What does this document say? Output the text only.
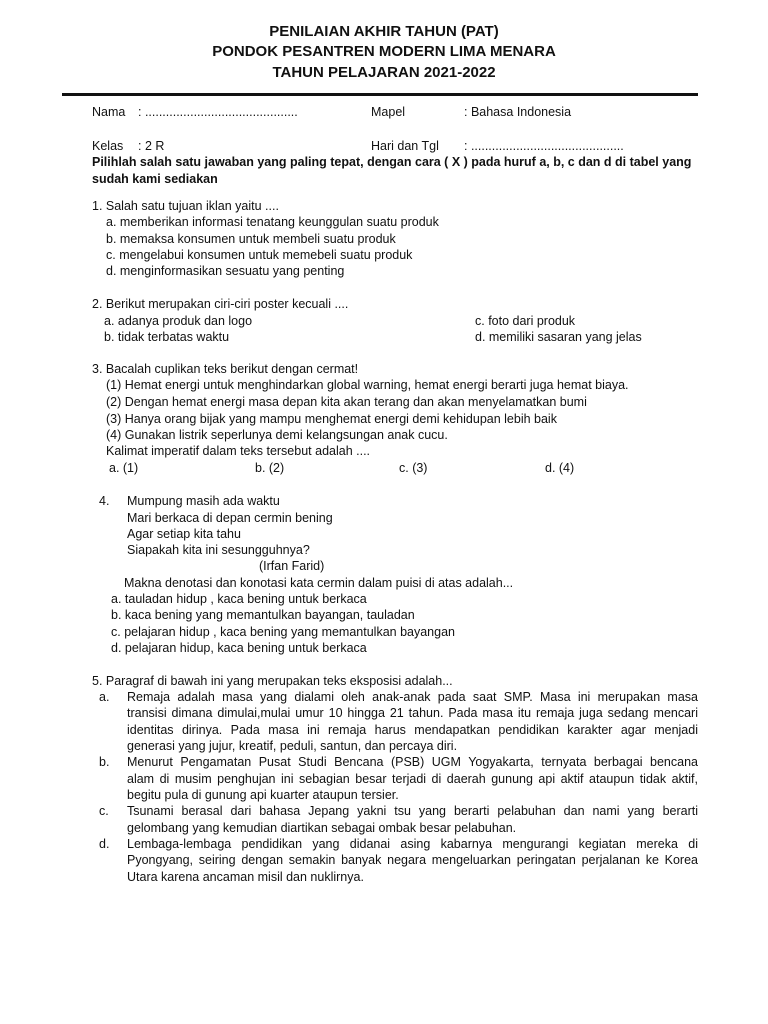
PENILAIAN AKHIR TAHUN (PAT)
PONDOK PESANTREN MODERN LIMA MENARA
TAHUN PELAJARAN 2021-2022
Nama : ............................................	Mapel	: Bahasa Indonesia
Kelas : 2 R	Hari dan Tgl : ............................................
Pilihlah salah satu jawaban yang paling tepat, dengan cara ( X ) pada huruf a, b, c dan d di tabel yang
sudah kami sediakan
1. Salah satu tujuan iklan yaitu ....
a. memberikan informasi tenatang keunggulan suatu produk
b. memaksa konsumen untuk membeli suatu produk
c. mengelabui konsumen untuk memebeli suatu produk
d. menginformasikan sesuatu yang penting
2. Berikut merupakan ciri-ciri poster kecuali ....
a. adanya produk dan logo
b. tidak terbatas waktu
c. foto dari produk
d. memiliki sasaran yang jelas
3. Bacalah cuplikan teks berikut dengan cermat!
(1) Hemat energi untuk menghindarkan global warning, hemat energi berarti juga hemat biaya.
(2) Dengan hemat energi masa depan kita akan terang dan akan menyelamatkan bumi
(3) Hanya orang bijak yang mampu menghemat energi demi kehidupan lebih baik
(4) Gunakan listrik seperlunya demi kelangsungan anak cucu.
Kalimat imperatif dalam teks tersebut adalah ....
a. (1)	b. (2)	c. (3)	d. (4)
4. Mumpung masih ada waktu
Mari berkaca di depan cermin bening
Agar setiap kita tahu
Siapakah kita ini sesungguhnya?
(Irfan Farid)
Makna denotasi dan konotasi kata cermin dalam puisi di atas adalah...
a. tauladan hidup , kaca bening untuk berkaca
b. kaca bening yang memantulkan bayangan, tauladan
c. pelajaran hidup , kaca bening yang memantulkan bayangan
d. pelajaran hidup, kaca bening untuk berkaca
5. Paragraf di bawah ini yang merupakan teks eksposisi adalah...
a. Remaja adalah masa yang dialami oleh anak-anak pada saat SMP. Masa ini merupakan masa
transisi dimana dimulai,mulai umur 10 hingga 21 tahun. Pada masa itu remaja juga sedang mencari
identitas dirinya. Pada masa ini remaja harus mendapatkan pendidikan karakter agar menjadi
generasi yang jujur, kreatif, peduli, santun, dan percaya diri.
b. Menurut Pengamatan Pusat Studi Bencana (PSB) UGM Yogyakarta, ternyata berbagai bencana
alam di musim penghujan ini sebagian besar terjadi di daerah gunung api aktif ataupun tidak aktif,
begitu pula di gunung api kuarter ataupun tersier.
c. Tsunami berasal dari bahasa Jepang yakni tsu yang berarti pelabuhan dan nami yang berarti
gelombang yang kemudian diartikan sebagai ombak besar pelabuhan.
d. Lembaga-lembaga pendidikan yang didanai asing kabarnya mengurangi kegiatan mereka di
Pyongyang, seiring dengan semakin banyak negara mengeluarkan peringatan perjalanan ke Korea
Utara karena ancaman misil dan nuklirnya.
